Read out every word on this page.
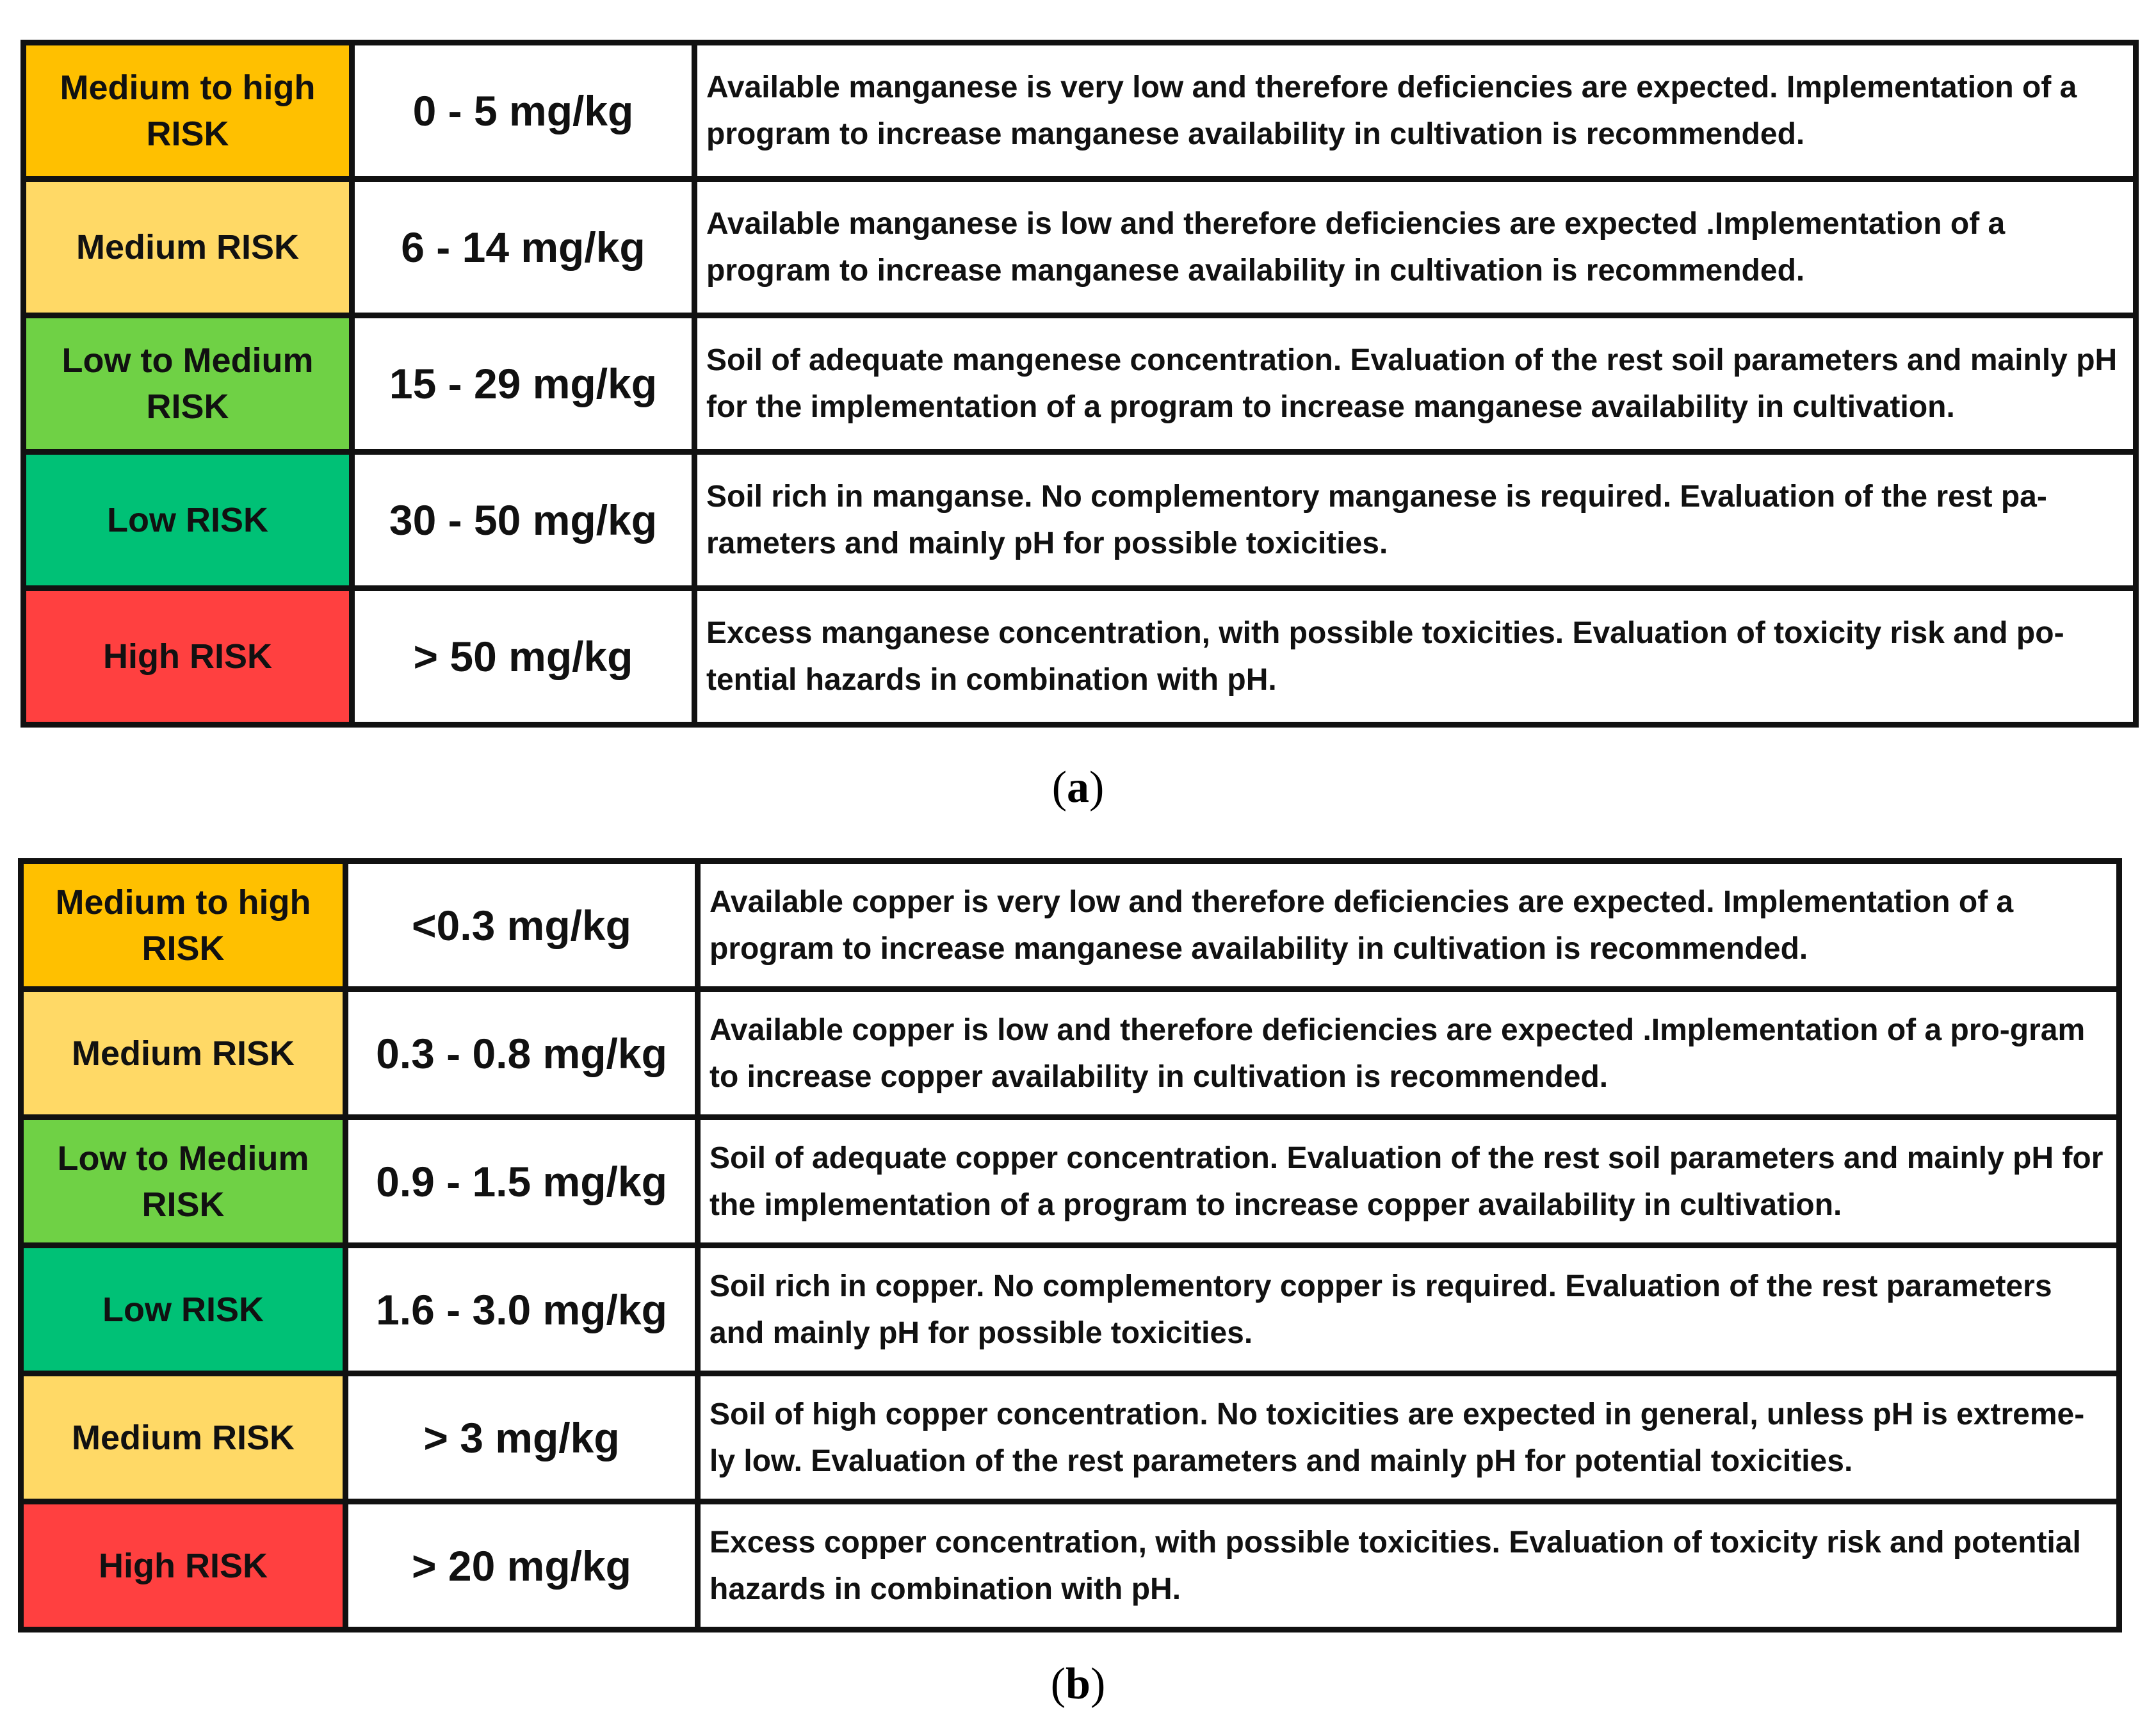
Medium to high RISK	0 - 5 mg/kg	Available manganese is very low and therefore deficiencies are expected. Implementation of a program to increase manganese availability in cultivation is recommended.
Medium RISK	6 - 14 mg/kg	Available manganese is low and therefore deficiencies are expected .Implementation of a program to increase manganese availability in cultivation is recommended.
Low to Medium RISK	15 - 29 mg/kg	Soil of adequate mangenese concentration. Evaluation of the rest soil parameters and mainly pH for the implementation of a program to increase manganese availability in cultivation.
Low RISK	30 - 50 mg/kg	Soil rich in manganse. No complementory manganese is required. Evaluation of the rest pa-rameters and mainly pH for possible toxicities.
High RISK	> 50 mg/kg	Excess manganese concentration, with possible toxicities. Evaluation of toxicity risk and po-tential hazards in combination with pH.
(a)
Medium to high RISK	<0.3 mg/kg	Available copper is very low and therefore deficiencies are expected. Implementation of a program to increase manganese availability in cultivation is recommended.
Medium RISK	0.3 - 0.8 mg/kg	Available copper is low and therefore deficiencies are expected .Implementation of a pro-gram to increase copper availability in cultivation is recommended.
Low to Medium RISK	0.9 - 1.5 mg/kg	Soil of adequate copper concentration. Evaluation of the rest soil parameters and mainly pH for the implementation of a program to increase copper availability in cultivation.
Low RISK	1.6 - 3.0 mg/kg	Soil rich in copper. No complementory copper is required. Evaluation of the rest parameters and mainly pH for possible toxicities.
Medium RISK	> 3 mg/kg	Soil of high copper concentration. No toxicities are expected in general, unless pH is extreme-ly low. Evaluation of the rest parameters and mainly pH for potential toxicities.
High RISK	> 20 mg/kg	Excess copper concentration, with possible toxicities. Evaluation of toxicity risk and potential hazards in combination with pH.
(b)
